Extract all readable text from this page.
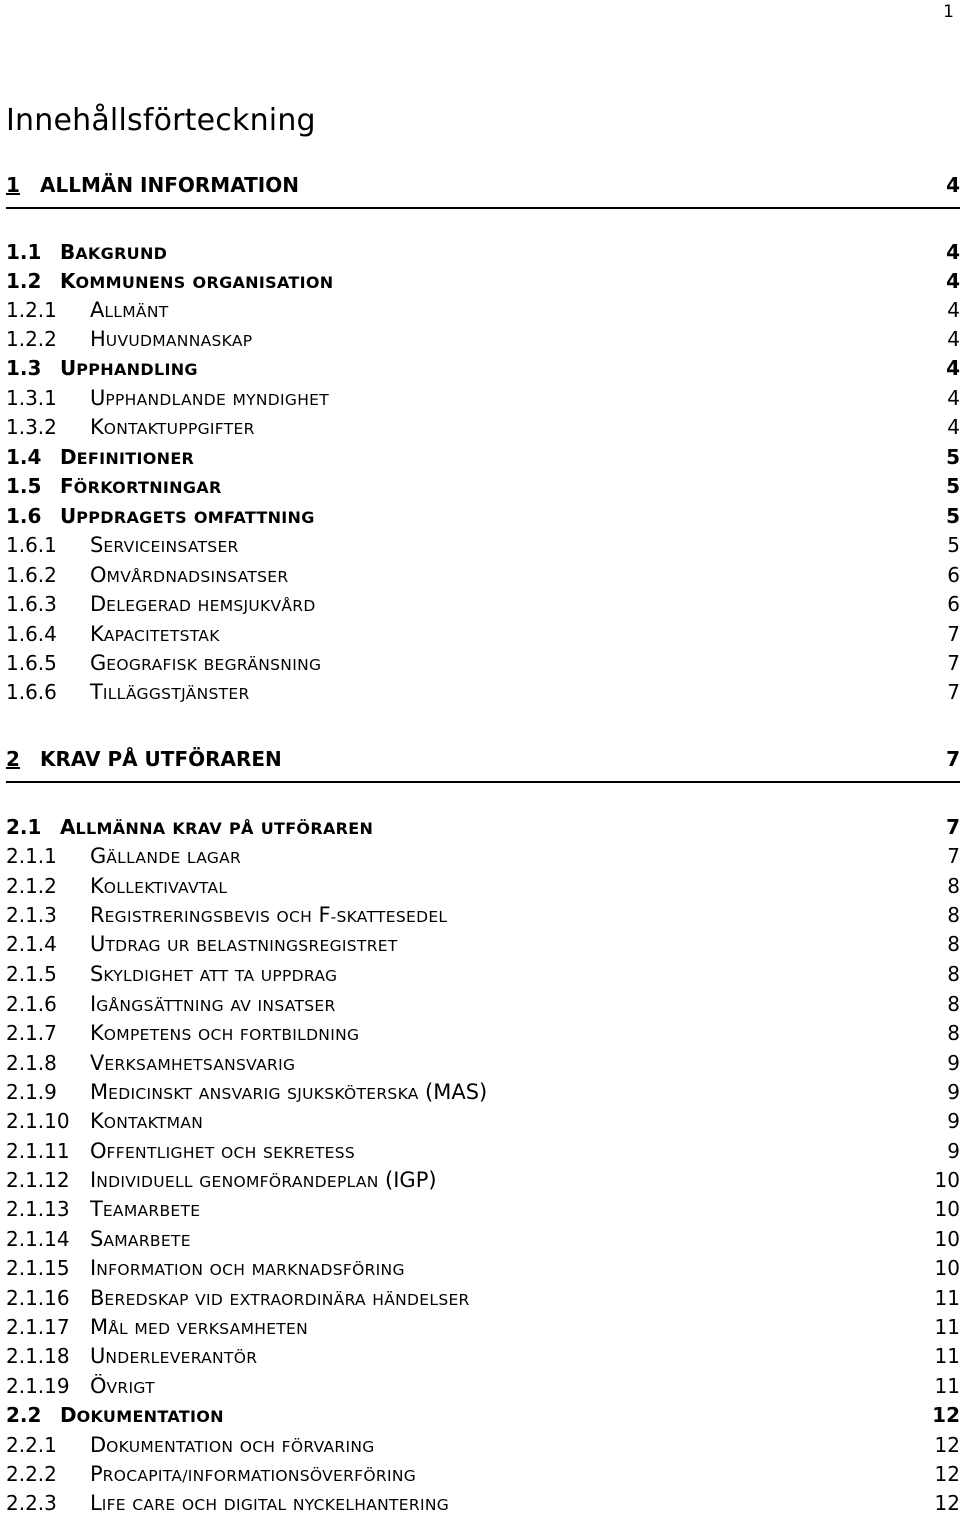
1
Innehållsförteckning
1	ALLMÄN INFORMATION	4
1.1 BAKGRUND	4
1.2 KOMMUNENS ORGANISATION	4
1.2.1	ALLMÄNT	4
1.2.2	HUVUDMANNASKAP	4
1.3 UPPHANDLING	4
1.3.1	UPPHANDLANDE MYNDIGHET	4
1.3.2	KONTAKTUPPGIFTER	4
1.4 DEFINITIONER	5
1.5 FÖRKORTNINGAR	5
1.6 UPPDRAGETS OMFATTNING	5
1.6.1	SERVICEINSATSER	5
1.6.2	OMVÅRDNADSINSATSER	6
1.6.3	DELEGERAD HEMSJUKVÅRD	6
1.6.4	KAPACITETSTAK	7
1.6.5	GEOGRAFISK BEGRÄNSNING	7
1.6.6	TILLÄGGSTJÄNSTER	7
2	KRAV PÅ UTFÖRAREN	7
2.1 ALLMÄNNA KRAV PÅ UTFÖRAREN	7
2.1.1	GÄLLANDE LAGAR	7
2.1.2	KOLLEKTIVAVTAL	8
2.1.3	REGISTRERINGSBEVIS OCH F-SKATTESEDEL	8
2.1.4	UTDRAG UR BELASTNINGSREGISTRET	8
2.1.5	SKYLDIGHET ATT TA UPPDRAG	8
2.1.6	IGÅNGSÄTTNING AV INSATSER	8
2.1.7	KOMPETENS OCH FORTBILDNING	8
2.1.8	VERKSAMHETSANSVARIG	9
2.1.9	MEDICINSKT ANSVARIG SJUKSKÖTERSKA (MAS)	9
2.1.10 KONTAKTMAN	9
2.1.11 OFFENTLIGHET OCH SEKRETESS	9
2.1.12 INDIVIDUELL GENOMFÖRANDEPLAN (IGP)	10
2.1.13 TEAMARBETE	10
2.1.14 SAMARBETE	10
2.1.15 INFORMATION OCH MARKNADSFÖRING	10
2.1.16 BEREDSKAP VID EXTRAORDINÄRA HÄNDELSER	11
2.1.17 MÅL MED VERKSAMHETEN	11
2.1.18 UNDERLEVERANTÖR	11
2.1.19 ÖVRIGT	11
2.2 DOKUMENTATION	12
2.2.1	DOKUMENTATION OCH FÖRVARING	12
2.2.2	PROCAPITA/INFORMATIONSÖVERFÖRING	12
2.2.3	LIFE CARE OCH DIGITAL NYCKELHANTERING	12
